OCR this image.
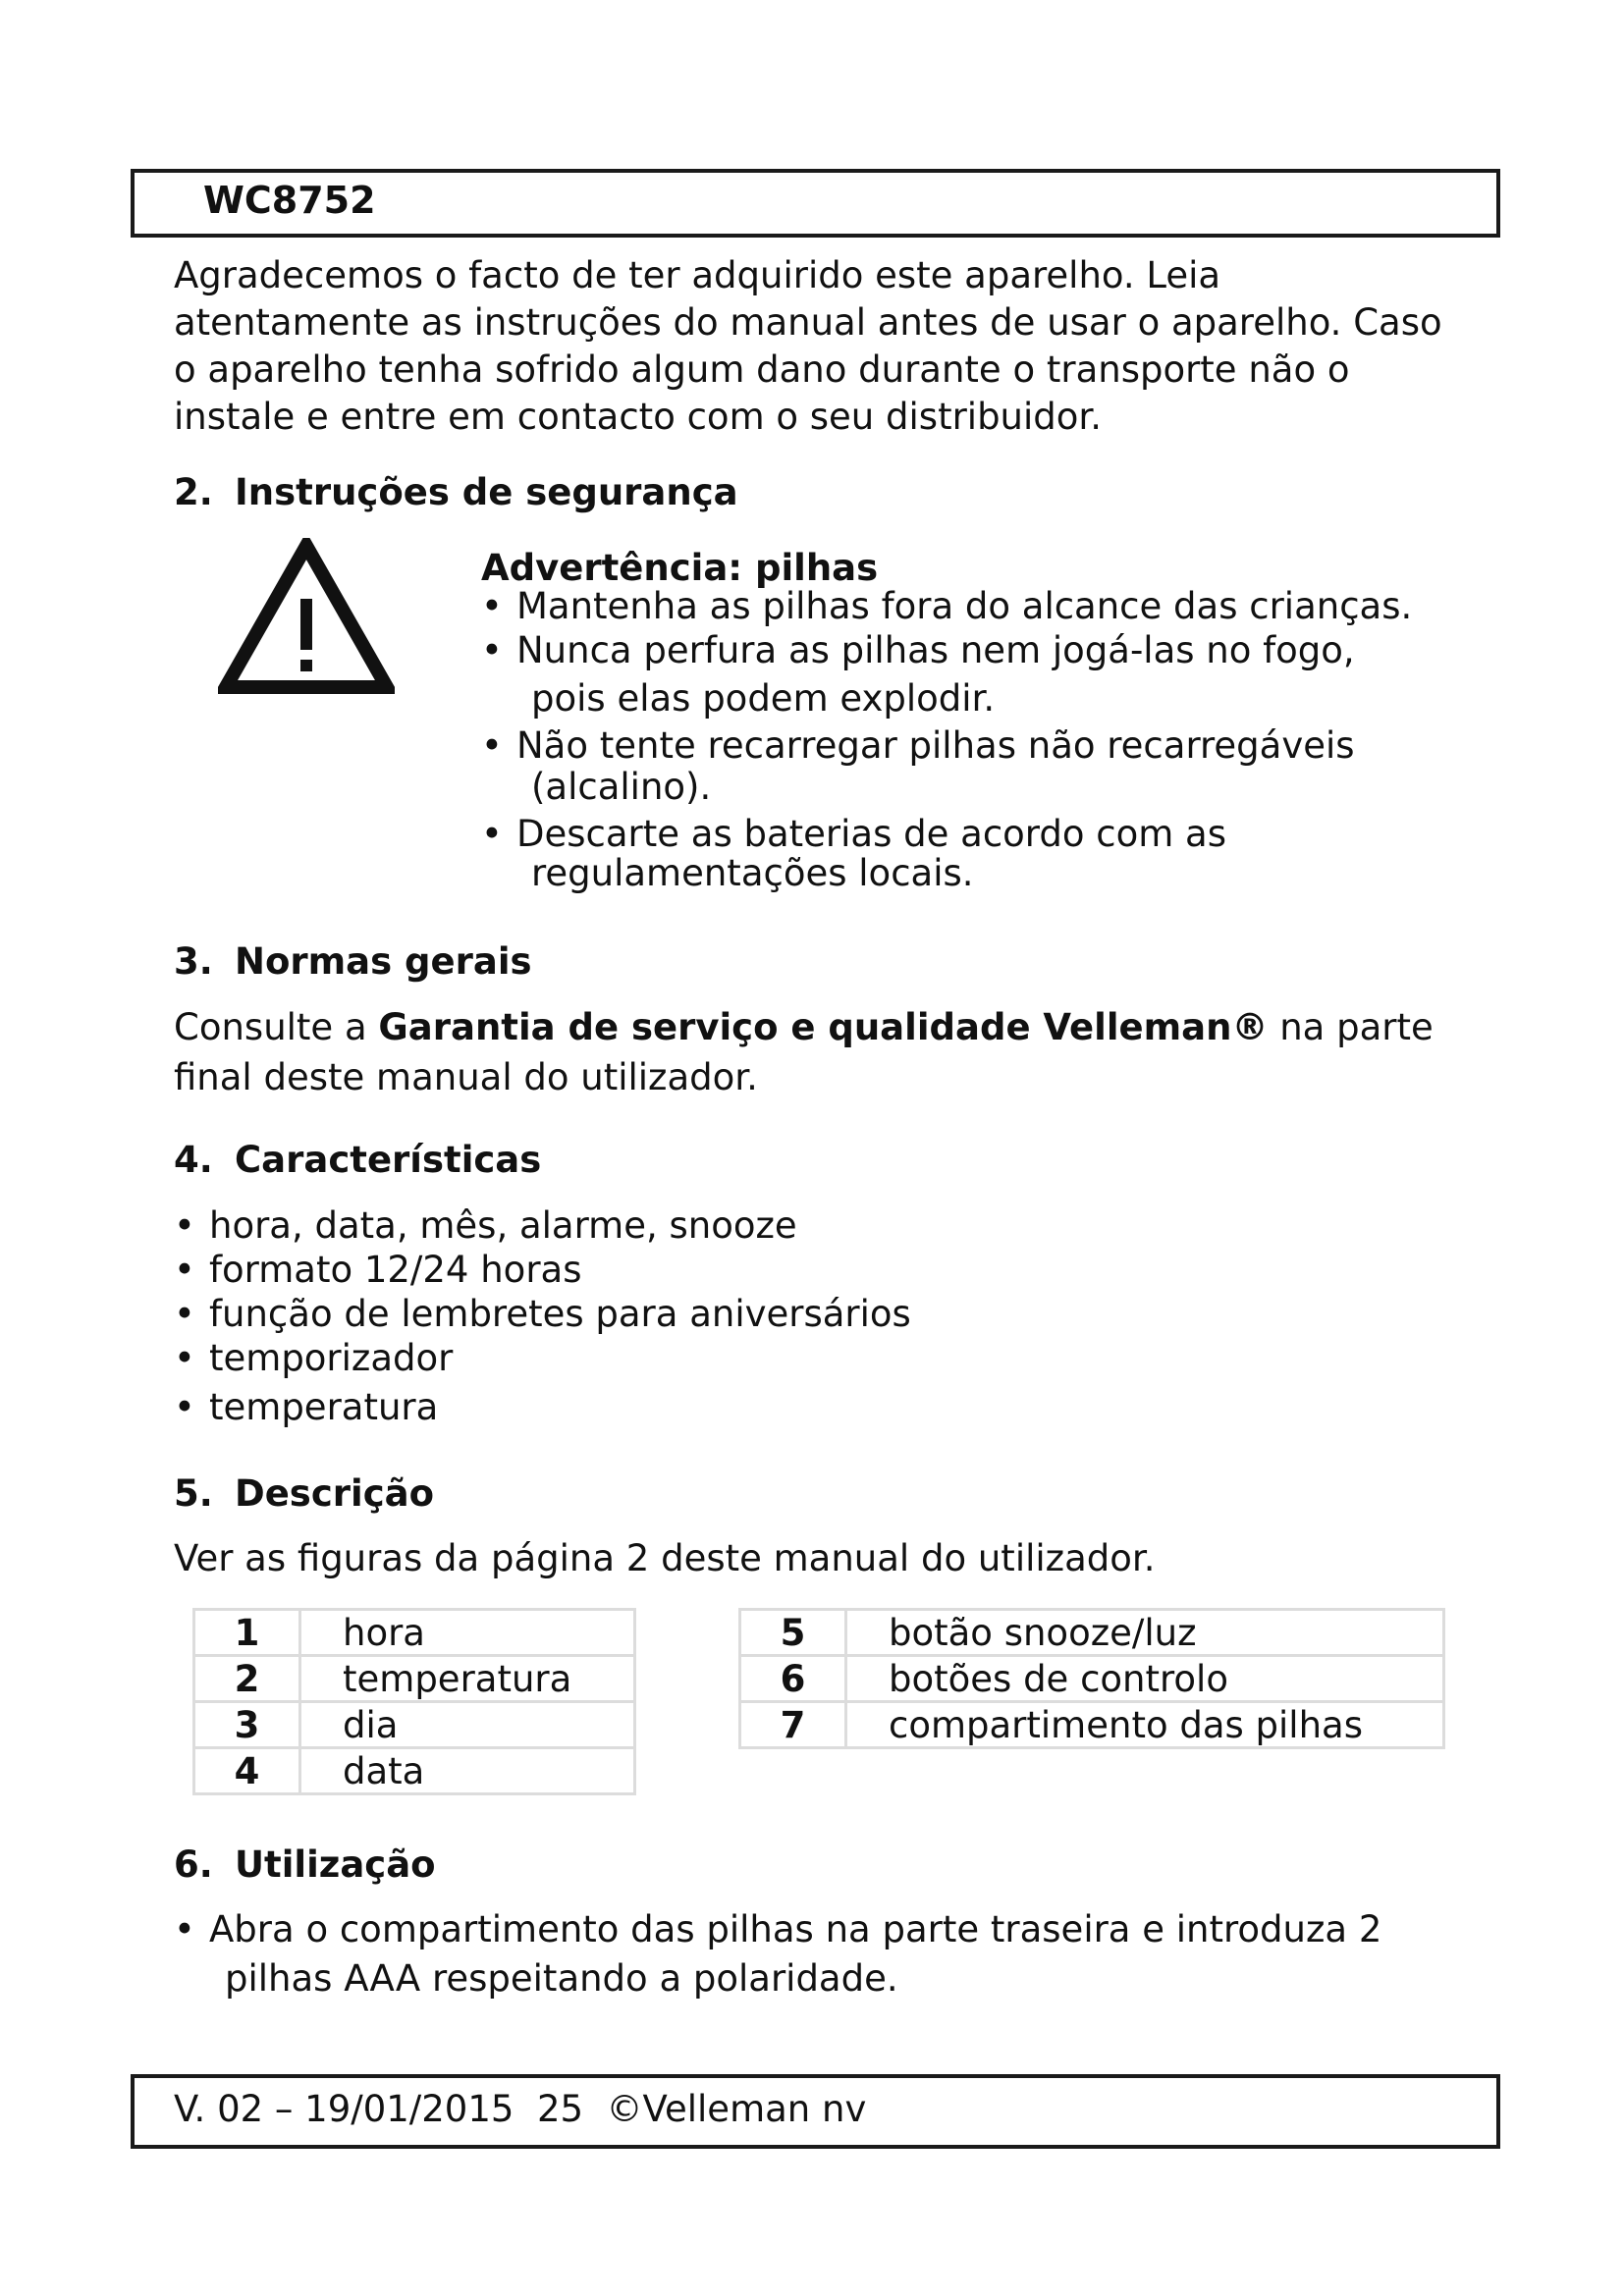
WC8752
Agradecemos o facto de ter adquirido este aparelho. Leia
atentamente as instruções do manual antes de usar o aparelho. Caso
o aparelho tenha sofrido algum dano durante o transporte não o
instale e entre em contacto com o seu distribuidor.
2. Instruções de segurança
Advertência: pilhas
• Mantenha as pilhas fora do alcance das crianças.
• Nunca perfura as pilhas nem jogá-las no fogo,
pois elas podem explodir.
• Não tente recarregar pilhas não recarregáveis
(alcalino).
• Descarte as baterias de acordo com as
regulamentações locais.
3. Normas gerais
Consulte a Garantia de serviço e qualidade Velleman® na parte
final deste manual do utilizador.
4. Características
• hora, data, mês, alarme, snooze
• formato 12/24 horas
• função de lembretes para aniversários
• temporizador
• temperatura
5. Descrição
Ver as figuras da página 2 deste manual do utilizador.
1	hora
2	temperatura
3	dia
4	data
5	botão snooze/luz
6	botões de controlo
7	compartimento das pilhas
6. Utilização
• Abra o compartimento das pilhas na parte traseira e introduza 2
pilhas AAA respeitando a polaridade.
V. 02 – 19/01/2015  25  ©Velleman nv
